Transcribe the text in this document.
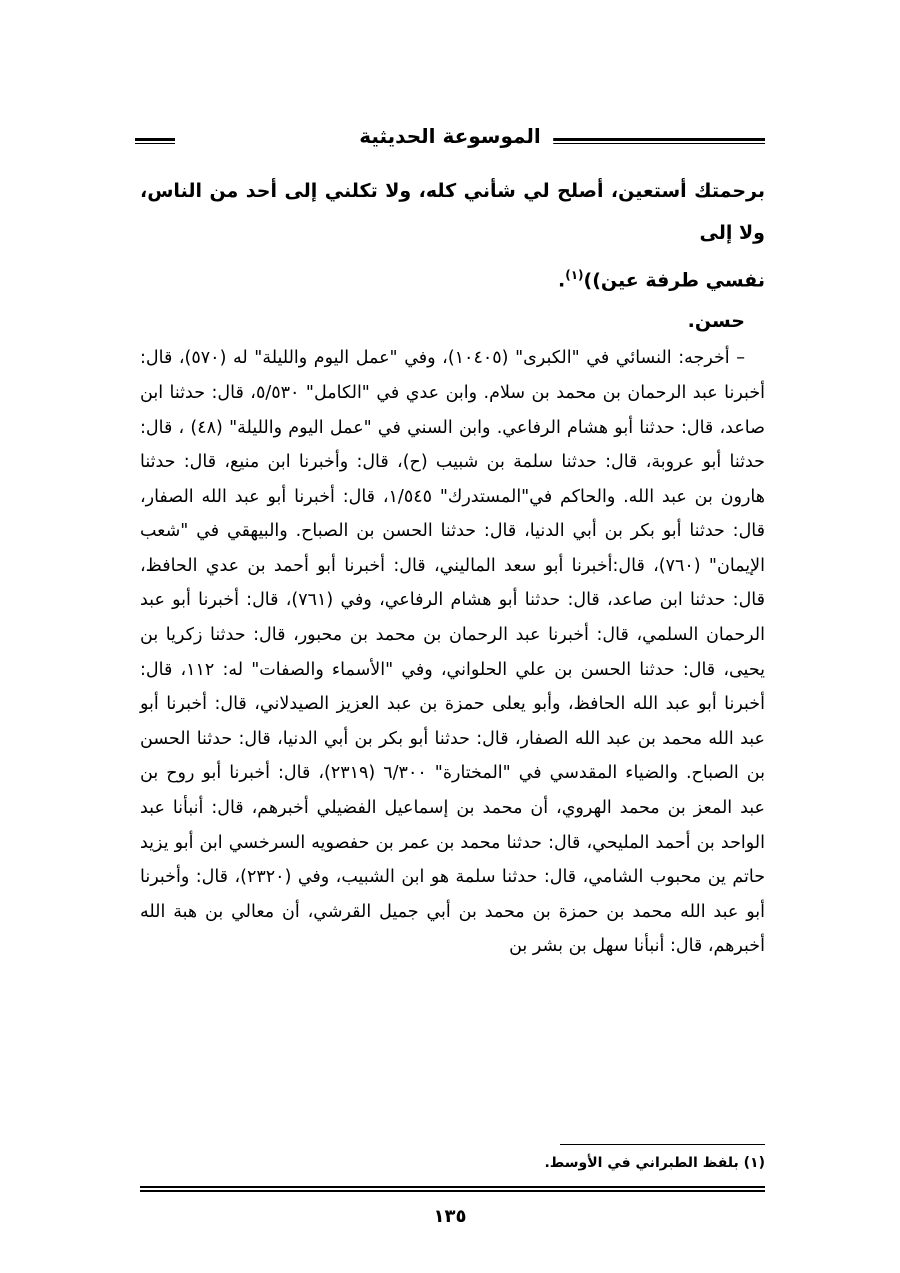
الموسوعة الحديثية

برحمتك أستعين، أصلح لي شأني كله، ولا تكلني إلى أحد من الناس، ولا إلى
نفسي طرفة عين))$^{(١)}$.

حسن.

– أخرجه: النسائي في "الكبرى" (١٠٤٠٥)، وفي "عمل اليوم والليلة" له (٥٧٠)، قال: أخبرنا عبد الرحمان بن محمد بن سلام. وابن عدي في "الكامل" ٥/٥٣٠، قال: حدثنا ابن صاعد، قال: حدثنا أبو هشام الرفاعي. وابن السني في "عمل اليوم والليلة" (٤٨) ، قال: حدثنا أبو عروبة، قال: حدثنا سلمة بن شبيب (ح)، قال: وأخبرنا ابن منيع، قال: حدثنا هارون بن عبد الله. والحاكم في"المستدرك" ١/٥٤٥، قال: أخبرنا أبو عبد الله الصفار، قال: حدثنا أبو بكر بن أبي الدنيا، قال: حدثنا الحسن بن الصباح. والبيهقي في "شعب الإيمان" (٧٦٠)، قال:أخبرنا أبو سعد الماليني، قال: أخبرنا أبو أحمد بن عدي الحافظ، قال: حدثنا ابن صاعد، قال: حدثنا أبو هشام الرفاعي، وفي (٧٦١)، قال: أخبرنا أبو عبد الرحمان السلمي، قال: أخبرنا عبد الرحمان بن محمد بن محبور، قال: حدثنا زكريا بن يحيى، قال: حدثنا الحسن بن علي الحلواني، وفي "الأسماء والصفات" له: ١١٢، قال: أخبرنا أبو عبد الله الحافظ، وأبو يعلى حمزة بن عبد العزيز الصيدلاني، قال: أخبرنا أبو عبد الله محمد بن عبد الله الصفار، قال: حدثنا أبو بكر بن أبي الدنيا، قال: حدثنا الحسن بن الصباح. والضياء المقدسي في "المختارة" ٦/٣٠٠ (٢٣١٩)، قال: أخبرنا أبو روح بن عبد المعز بن محمد الهروي، أن محمد بن إسماعيل الفضيلي أخبرهم، قال: أنبأنا عبد الواحد بن أحمد المليحي، قال: حدثنا محمد بن عمر بن حفصويه السرخسي ابن أبو يزيد حاتم ين محبوب الشامي، قال: حدثنا سلمة هو ابن الشبيب، وفي (٢٣٢٠)، قال: وأخبرنا أبو عبد الله محمد بن حمزة بن محمد بن أبي جميل القرشي، أن معالي بن هبة الله أخبرهم، قال: أنبأنا سهل بن بشر بن

(١) بلفظ الطبراني في الأوسط.
١٣٥
